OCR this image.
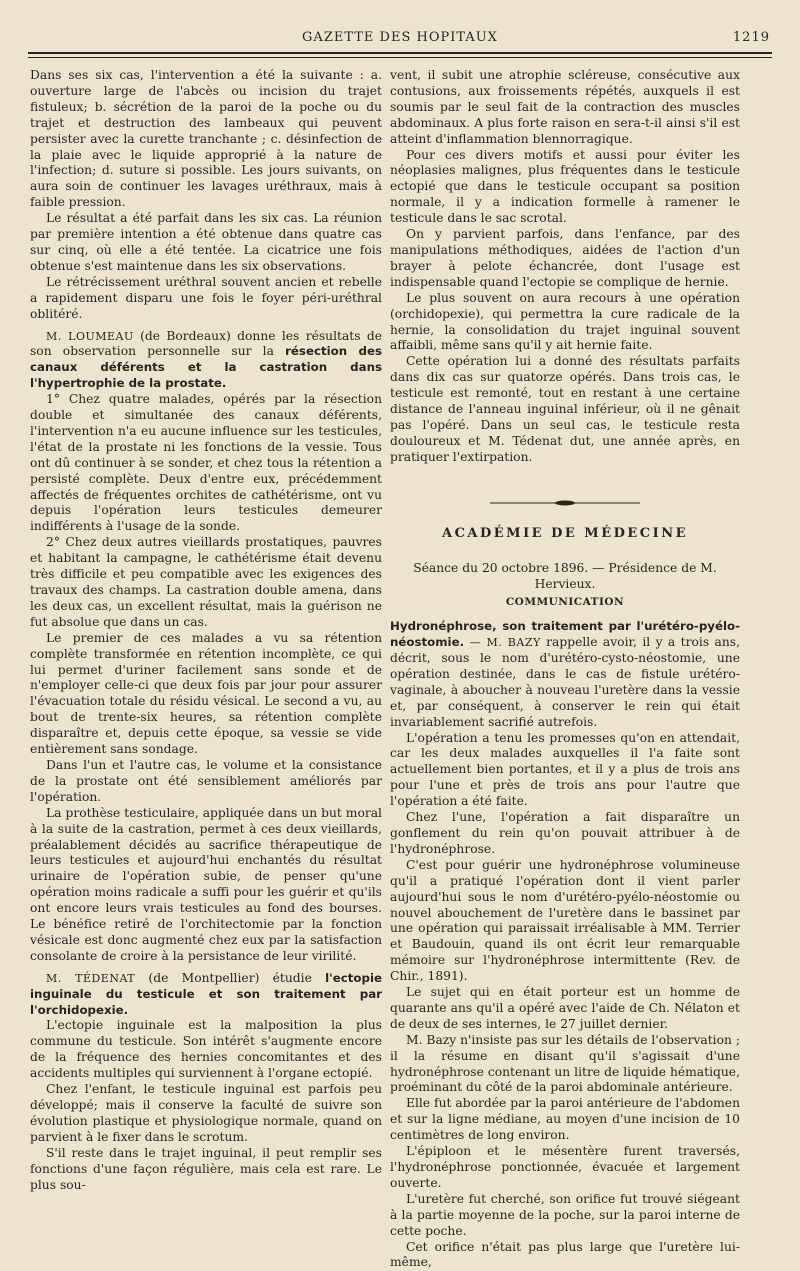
GAZETTE DES HOPITAUX	1219

Dans ses six cas, l'intervention a été la suivante : a. ouverture large de l'abcès ou incision du trajet fistuleux; b. sécrétion de la paroi de la poche ou du trajet et destruction des lambeaux qui peuvent persister avec la curette tranchante ; c. désinfection de la plaie avec le liquide approprié à la nature de l'infection; d. suture si possible. Les jours suivants, on aura soin de continuer les lavages uréthraux, mais à faible pression.

Le résultat a été parfait dans les six cas. La réunion par première intention a été obtenue dans quatre cas sur cinq, où elle a été tentée. La cicatrice une fois obtenue s'est maintenue dans les six observations.

Le rétrécissement uréthral souvent ancien et rebelle a rapidement disparu une fois le foyer péri-uréthral oblitéré.

M. LOUMEAU (de Bordeaux) donne les résultats de son observation personnelle sur la résection des canaux déférents et la castration dans l'hypertrophie de la prostate.

1° Chez quatre malades, opérés par la résection double et simultanée des canaux déférents, l'intervention n'a eu aucune influence sur les testicules, l'état de la prostate ni les fonctions de la vessie. Tous ont dû continuer à se sonder, et chez tous la rétention a persisté complète. Deux d'entre eux, précédemment affectés de fréquentes orchites de cathétérisme, ont vu depuis l'opération leurs testicules demeurer indifférents à l'usage de la sonde.

2° Chez deux autres vieillards prostatiques, pauvres et habitant la campagne, le cathétérisme était devenu très difficile et peu compatible avec les exigences des travaux des champs. La castration double amena, dans les deux cas, un excellent résultat, mais la guérison ne fut absolue que dans un cas.

Le premier de ces malades a vu sa rétention complète transformée en rétention incomplète, ce qui lui permet d'uriner facilement sans sonde et de n'employer celle-ci que deux fois par jour pour assurer l'évacuation totale du résidu vésical. Le second a vu, au bout de trente-six heures, sa rétention complète disparaître et, depuis cette époque, sa vessie se vide entièrement sans sondage.

Dans l'un et l'autre cas, le volume et la consistance de la prostate ont été sensiblement améliorés par l'opération.

La prothèse testiculaire, appliquée dans un but moral à la suite de la castration, permet à ces deux vieillards, préalablement décidés au sacrifice thérapeutique de leurs testicules et aujourd'hui enchantés du résultat urinaire de l'opération subie, de penser qu'une opération moins radicale a suffi pour les guérir et qu'ils ont encore leurs vrais testicules au fond des bourses. Le bénéfice retiré de l'orchitectomie par la fonction vésicale est donc augmenté chez eux par la satisfaction consolante de croire à la persistance de leur virilité.

M. TÉDENAT (de Montpellier) étudie l'ectopie inguinale du testicule et son traitement par l'orchidopexie.

L'ectopie inguinale est la malposition la plus commune du testicule. Son intérêt s'augmente encore de la fréquence des hernies concomitantes et des accidents multiples qui surviennent à l'organe ectopié.

Chez l'enfant, le testicule inguinal est parfois peu développé; mais il conserve la faculté de suivre son évolution plastique et physiologique normale, quand on parvient à le fixer dans le scrotum.

S'il reste dans le trajet inguinal, il peut remplir ses fonctions d'une façon régulière, mais cela est rare. Le plus sou-

vent, il subit une atrophie scléreuse, consécutive aux contusions, aux froissements répétés, auxquels il est soumis par le seul fait de la contraction des muscles abdominaux. A plus forte raison en sera-t-il ainsi s'il est atteint d'inflammation blennorragique.

Pour ces divers motifs et aussi pour éviter les néoplasies malignes, plus fréquentes dans le testicule ectopié que dans le testicule occupant sa position normale, il y a indication formelle à ramener le testicule dans le sac scrotal.

On y parvient parfois, dans l'enfance, par des manipulations méthodiques, aidées de l'action d'un brayer à pelote échancrée, dont l'usage est indispensable quand l'ectopie se complique de hernie.

Le plus souvent on aura recours à une opération (orchidopexie), qui permettra la cure radicale de la hernie, la consolidation du trajet inguinal souvent affaibli, même sans qu'il y ait hernie faite.

Cette opération lui a donné des résultats parfaits dans dix cas sur quatorze opérés. Dans trois cas, le testicule est remonté, tout en restant à une certaine distance de l'anneau inguinal inférieur, où il ne gênait pas l'opéré. Dans un seul cas, le testicule resta douloureux et M. Tédenat dut, une année après, en pratiquer l'extirpation.

ACADÉMIE DE MÉDECINE

Séance du 20 octobre 1896. — Présidence de M. Hervieux.

COMMUNICATION

Hydronéphrose, son traitement par l'urétéro-pyélo-néostomie. — M. BAZY rappelle avoir, il y a trois ans, décrit, sous le nom d'urétéro-cysto-néostomie, une opération destinée, dans le cas de fistule urétéro-vaginale, à aboucher à nouveau l'uretère dans la vessie et, par conséquent, à conserver le rein qui était invariablement sacrifié autrefois.

L'opération a tenu les promesses qu'on en attendait, car les deux malades auxquelles il l'a faite sont actuellement bien portantes, et il y a plus de trois ans pour l'une et près de trois ans pour l'autre que l'opération a été faite.

Chez l'une, l'opération a fait disparaître un gonflement du rein qu'on pouvait attribuer à de l'hydronéphrose.

C'est pour guérir une hydronéphrose volumineuse qu'il a pratiqué l'opération dont il vient parler aujourd'hui sous le nom d'urétéro-pyélo-néostomie ou nouvel abouchement de l'uretère dans le bassinet par une opération qui paraissait irréalisable à MM. Terrier et Baudouin, quand ils ont écrit leur remarquable mémoire sur l'hydronéphrose intermittente (Rev. de Chir., 1891).

Le sujet qui en était porteur est un homme de quarante ans qu'il a opéré avec l'aide de Ch. Nélaton et de deux de ses internes, le 27 juillet dernier.

M. Bazy n'insiste pas sur les détails de l'observation ; il la résume en disant qu'il s'agissait d'une hydronéphrose contenant un litre de liquide hématique, proéminant du côté de la paroi abdominale antérieure.

Elle fut abordée par la paroi antérieure de l'abdomen et sur la ligne médiane, au moyen d'une incision de 10 centimètres de long environ.

L'épiploon et le mésentère furent traversés, l'hydronéphrose ponctionnée, évacuée et largement ouverte.

L'uretère fut cherché, son orifice fut trouvé siégeant à la partie moyenne de la poche, sur la paroi interne de cette poche.

Cet orifice n'était pas plus large que l'uretère lui-même,
